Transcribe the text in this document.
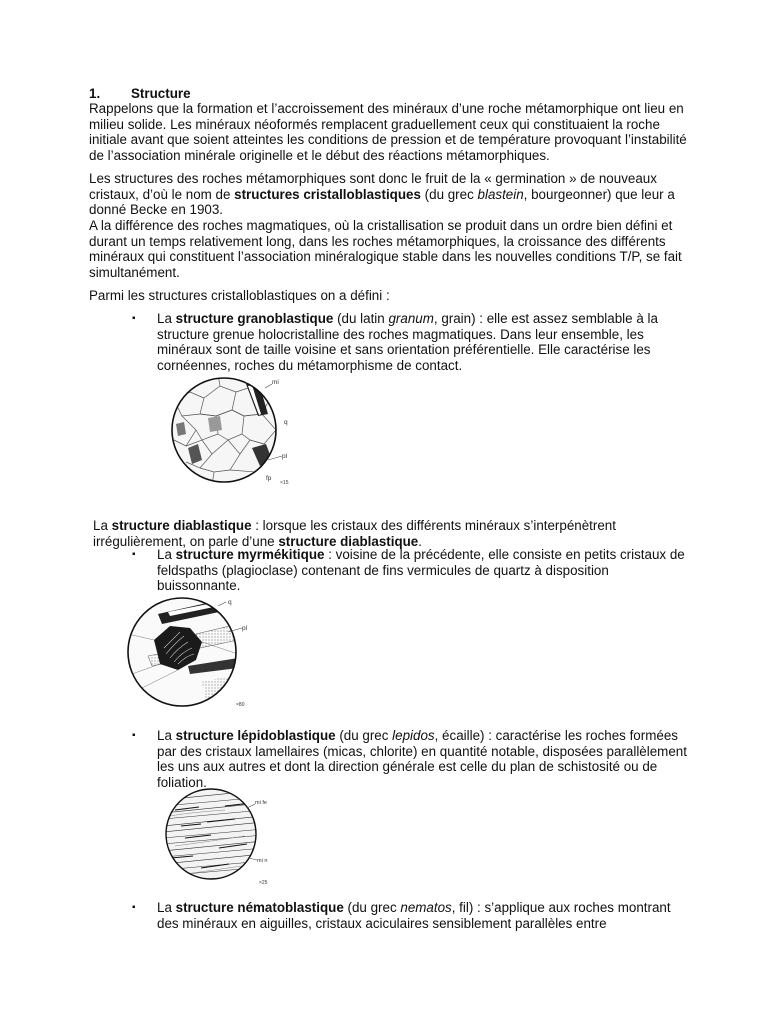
1. Structure

Rappelons que la formation et l’accroissement des minéraux d’une roche métamorphique ont lieu en milieu solide. Les minéraux néoformés remplacent graduellement ceux qui constituaient la roche initiale avant que soient atteintes les conditions de pression et de température provoquant l’instabilité de l’association minérale originelle et le début des réactions métamorphiques.

Les structures des roches métamorphiques sont donc le fruit de la « germination » de nouveaux cristaux, d’où le nom de structures cristalloblastiques (du grec blastein, bourgeonner) que leur a donné Becke en 1903.

A la différence des roches magmatiques, où la cristallisation se produit dans un ordre bien défini et durant un temps relativement long, dans les roches métamorphiques, la croissance des différents minéraux qui constituent l’association minéralogique stable dans les nouvelles conditions T/P, se fait simultanément.

Parmi les structures cristalloblastiques on a défini :

▪ La structure granoblastique (du latin granum, grain) : elle est assez semblable à la structure grenue holocristalline des roches magmatiques. Dans leur ensemble, les minéraux sont de taille voisine et sans orientation préférentielle. Elle caractérise les cornéennes, roches du métamorphisme de contact.

mi
q
pl
fp
×15

La structure diablastique : lorsque les cristaux des différents minéraux s’interpénètrent irrégulièrement, on parle d’une structure diablastique.

▪ La structure myrmékitique : voisine de la précédente, elle consiste en petits cristaux de feldspaths (plagioclase) contenant de fins vermicules de quartz à disposition buissonnante.

q
pl
×80
▪ La structure lépidoblastique (du grec lepidos, écaille) : caractérise les roches formées par des cristaux lamellaires (micas, chlorite) en quantité notable, disposées parallèlement les uns aux autres et dont la direction générale est celle du plan de schistosité ou de foliation.

mi fe
mi n
×25
▪ La structure nématoblastique (du grec nematos, fil) : s’applique aux roches montrant des minéraux en aiguilles, cristaux aciculaires sensiblement parallèles entre
